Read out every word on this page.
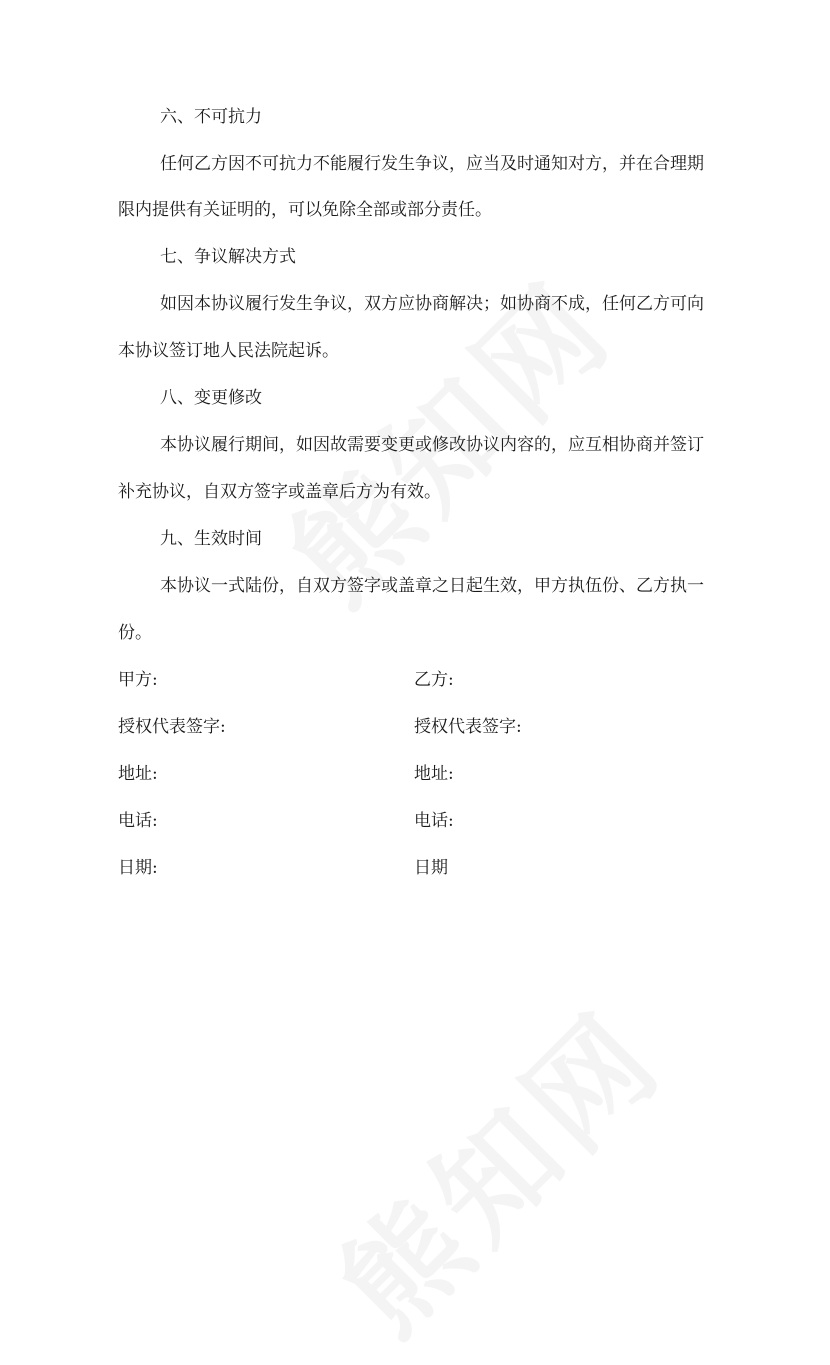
六、不可抗力
任何乙方因不可抗力不能履行发生争议，应当及时通知对方，并在合理期
限内提供有关证明的，可以免除全部或部分责任。
七、争议解决方式
如因本协议履行发生争议，双方应协商解决；如协商不成，任何乙方可向
本协议签订地人民法院起诉。
八、变更修改
本协议履行期间，如因故需要变更或修改协议内容的，应互相协商并签订
补充协议，自双方签字或盖章后方为有效。
九、生效时间
本协议一式陆份，自双方签字或盖章之日起生效，甲方执伍份、乙方执一
份。
甲方:	乙方:
授权代表签字:	授权代表签字:
地址:	地址:
电话:	电话:
日期:	日期
